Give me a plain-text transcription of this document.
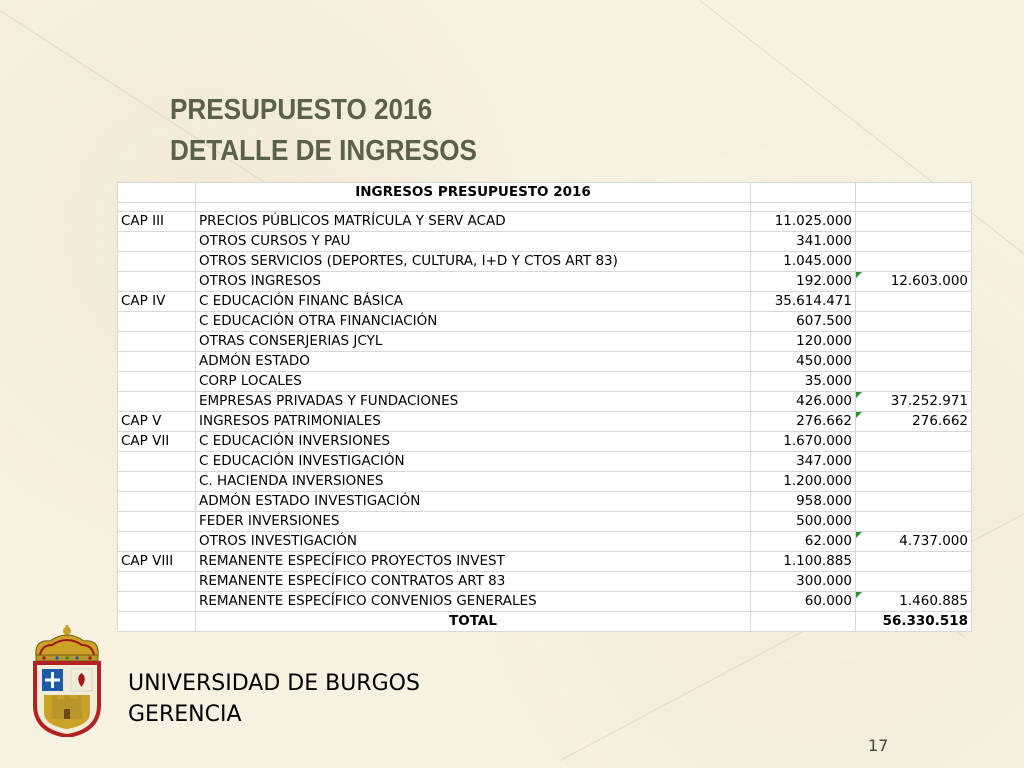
PRESUPUESTO 2016
DETALLE DE INGRESOS
	INGRESOS PRESUPUESTO 2016		

CAP III	PRECIOS PÚBLICOS MATRÍCULA Y SERV ACAD	11.025.000	
	OTROS CURSOS Y PAU	341.000	
	OTROS SERVICIOS (DEPORTES, CULTURA, I+D Y CTOS ART 83)	1.045.000	
	OTROS INGRESOS	192.000	12.603.000

CAP IV	C EDUCACIÓN FINANC BÁSICA	35.614.471	
	C EDUCACIÓN OTRA FINANCIACIÓN	607.500	
	OTRAS CONSERJERIAS JCYL	120.000	
	ADMÓN ESTADO	450.000	
	CORP LOCALES	35.000	
	EMPRESAS PRIVADAS Y FUNDACIONES	426.000	37.252.971

CAP V	INGRESOS PATRIMONIALES	276.662	276.662

CAP VII	C EDUCACIÓN INVERSIONES	1.670.000	
	C EDUCACIÓN INVESTIGACIÓN	347.000	
	C. HACIENDA INVERSIONES	1.200.000	
	ADMÓN ESTADO INVESTIGACIÓN	958.000	
	FEDER INVERSIONES	500.000	
	OTROS INVESTIGACIÓN	62.000	4.737.000

CAP VIII	REMANENTE ESPECÍFICO PROYECTOS INVEST	1.100.885	
	REMANENTE ESPECÍFICO CONTRATOS ART 83	300.000	
	REMANENTE ESPECÍFICO CONVENIOS GENERALES	60.000	1.460.885

	TOTAL		56.330.518
UNIVERSIDAD DE BURGOS
GERENCIA
17
